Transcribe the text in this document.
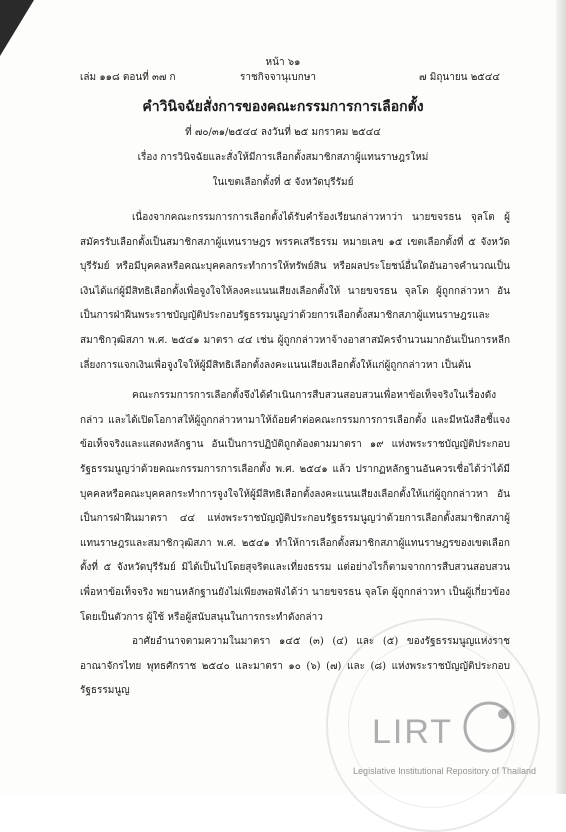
หน้า ๖๑
เล่ม ๑๑๘ ตอนที่ ๓๗ ก	ราชกิจจานุเบกษา	๗ มิถุนายน ๒๕๔๔
คำวินิจฉัยสั่งการของคณะกรรมการการเลือกตั้ง
ที่ ๗๐/๓๑/๒๕๔๔ ลงวันที่ ๒๕ มกราคม ๒๕๔๔
เรื่อง การวินิจฉัยและสั่งให้มีการเลือกตั้งสมาชิกสภาผู้แทนราษฎรใหม่
ในเขตเลือกตั้งที่ ๕ จังหวัดบุรีรัมย์

เนื่องจากคณะกรรมการการเลือกตั้งได้รับคำร้องเรียนกล่าวหาว่า นายขจรธน จุลโต ผู้สมัครรับเลือกตั้งเป็นสมาชิกสภาผู้แทนราษฎร พรรคเสรีธรรม หมายเลข ๑๕ เขตเลือกตั้งที่ ๕ จังหวัดบุรีรัมย์ หรือมีบุคคลหรือคณะบุคคลกระทำการให้ทรัพย์สิน หรือผลประโยชน์อื่นใดอันอาจคำนวณเป็นเงินได้แก่ผู้มีสิทธิเลือกตั้งเพื่อจูงใจให้ลงคะแนนเสียงเลือกตั้งให้ นายขจรธน จุลโต ผู้ถูกกล่าวหา อันเป็นการฝ่าฝืนพระราชบัญญัติประกอบรัฐธรรมนูญว่าด้วยการเลือกตั้งสมาชิกสภาผู้แทนราษฎรและสมาชิกวุฒิสภา พ.ศ. ๒๕๔๑ มาตรา ๔๔ เช่น ผู้ถูกกล่าวหาจ้างอาสาสมัครจำนวนมากอันเป็นการหลีกเลี่ยงการแจกเงินเพื่อจูงใจให้ผู้มีสิทธิเลือกตั้งลงคะแนนเสียงเลือกตั้งให้แก่ผู้ถูกกล่าวหา เป็นต้น

คณะกรรมการการเลือกตั้งจึงได้ดำเนินการสืบสวนสอบสวนเพื่อหาข้อเท็จจริงในเรื่องดังกล่าว และได้เปิดโอกาสให้ผู้ถูกกล่าวหามาให้ถ้อยคำต่อคณะกรรมการการเลือกตั้ง และมีหนังสือชี้แจงข้อเท็จจริงและแสดงหลักฐาน อันเป็นการปฏิบัติถูกต้องตามมาตรา ๑๙ แห่งพระราชบัญญัติประกอบรัฐธรรมนูญว่าด้วยคณะกรรมการการเลือกตั้ง พ.ศ. ๒๕๔๑ แล้ว ปรากฏหลักฐานอันควรเชื่อได้ว่าได้มีบุคคลหรือคณะบุคคลกระทำการจูงใจให้ผู้มีสิทธิเลือกตั้งลงคะแนนเสียงเลือกตั้งให้แก่ผู้ถูกกล่าวหา อันเป็นการฝ่าฝืนมาตรา ๔๔ แห่งพระราชบัญญัติประกอบรัฐธรรมนูญว่าด้วยการเลือกตั้งสมาชิกสภาผู้แทนราษฎรและสมาชิกวุฒิสภา พ.ศ. ๒๕๔๑ ทำให้การเลือกตั้งสมาชิกสภาผู้แทนราษฎรของเขตเลือกตั้งที่ ๕ จังหวัดบุรีรัมย์ มิได้เป็นไปโดยสุจริตและเที่ยงธรรม แต่อย่างไรก็ตามจากการสืบสวนสอบสวนเพื่อหาข้อเท็จจริง พยานหลักฐานยังไม่เพียงพอฟังได้ว่า นายขจรธน จุลโต ผู้ถูกกล่าวหา เป็นผู้เกี่ยวข้องโดยเป็นตัวการ ผู้ใช้ หรือผู้สนับสนุนในการกระทำดังกล่าว

อาศัยอำนาจตามความในมาตรา ๑๔๕ (๓) (๔) และ (๕) ของรัฐธรรมนูญแห่งราชอาณาจักรไทย พุทธศักราช ๒๕๔๐ และมาตรา ๑๐ (๖) (๗) และ (๘) แห่งพระราชบัญญัติประกอบรัฐธรรมนูญ

LIRT
Legislative Institutional Repository of Thailand
